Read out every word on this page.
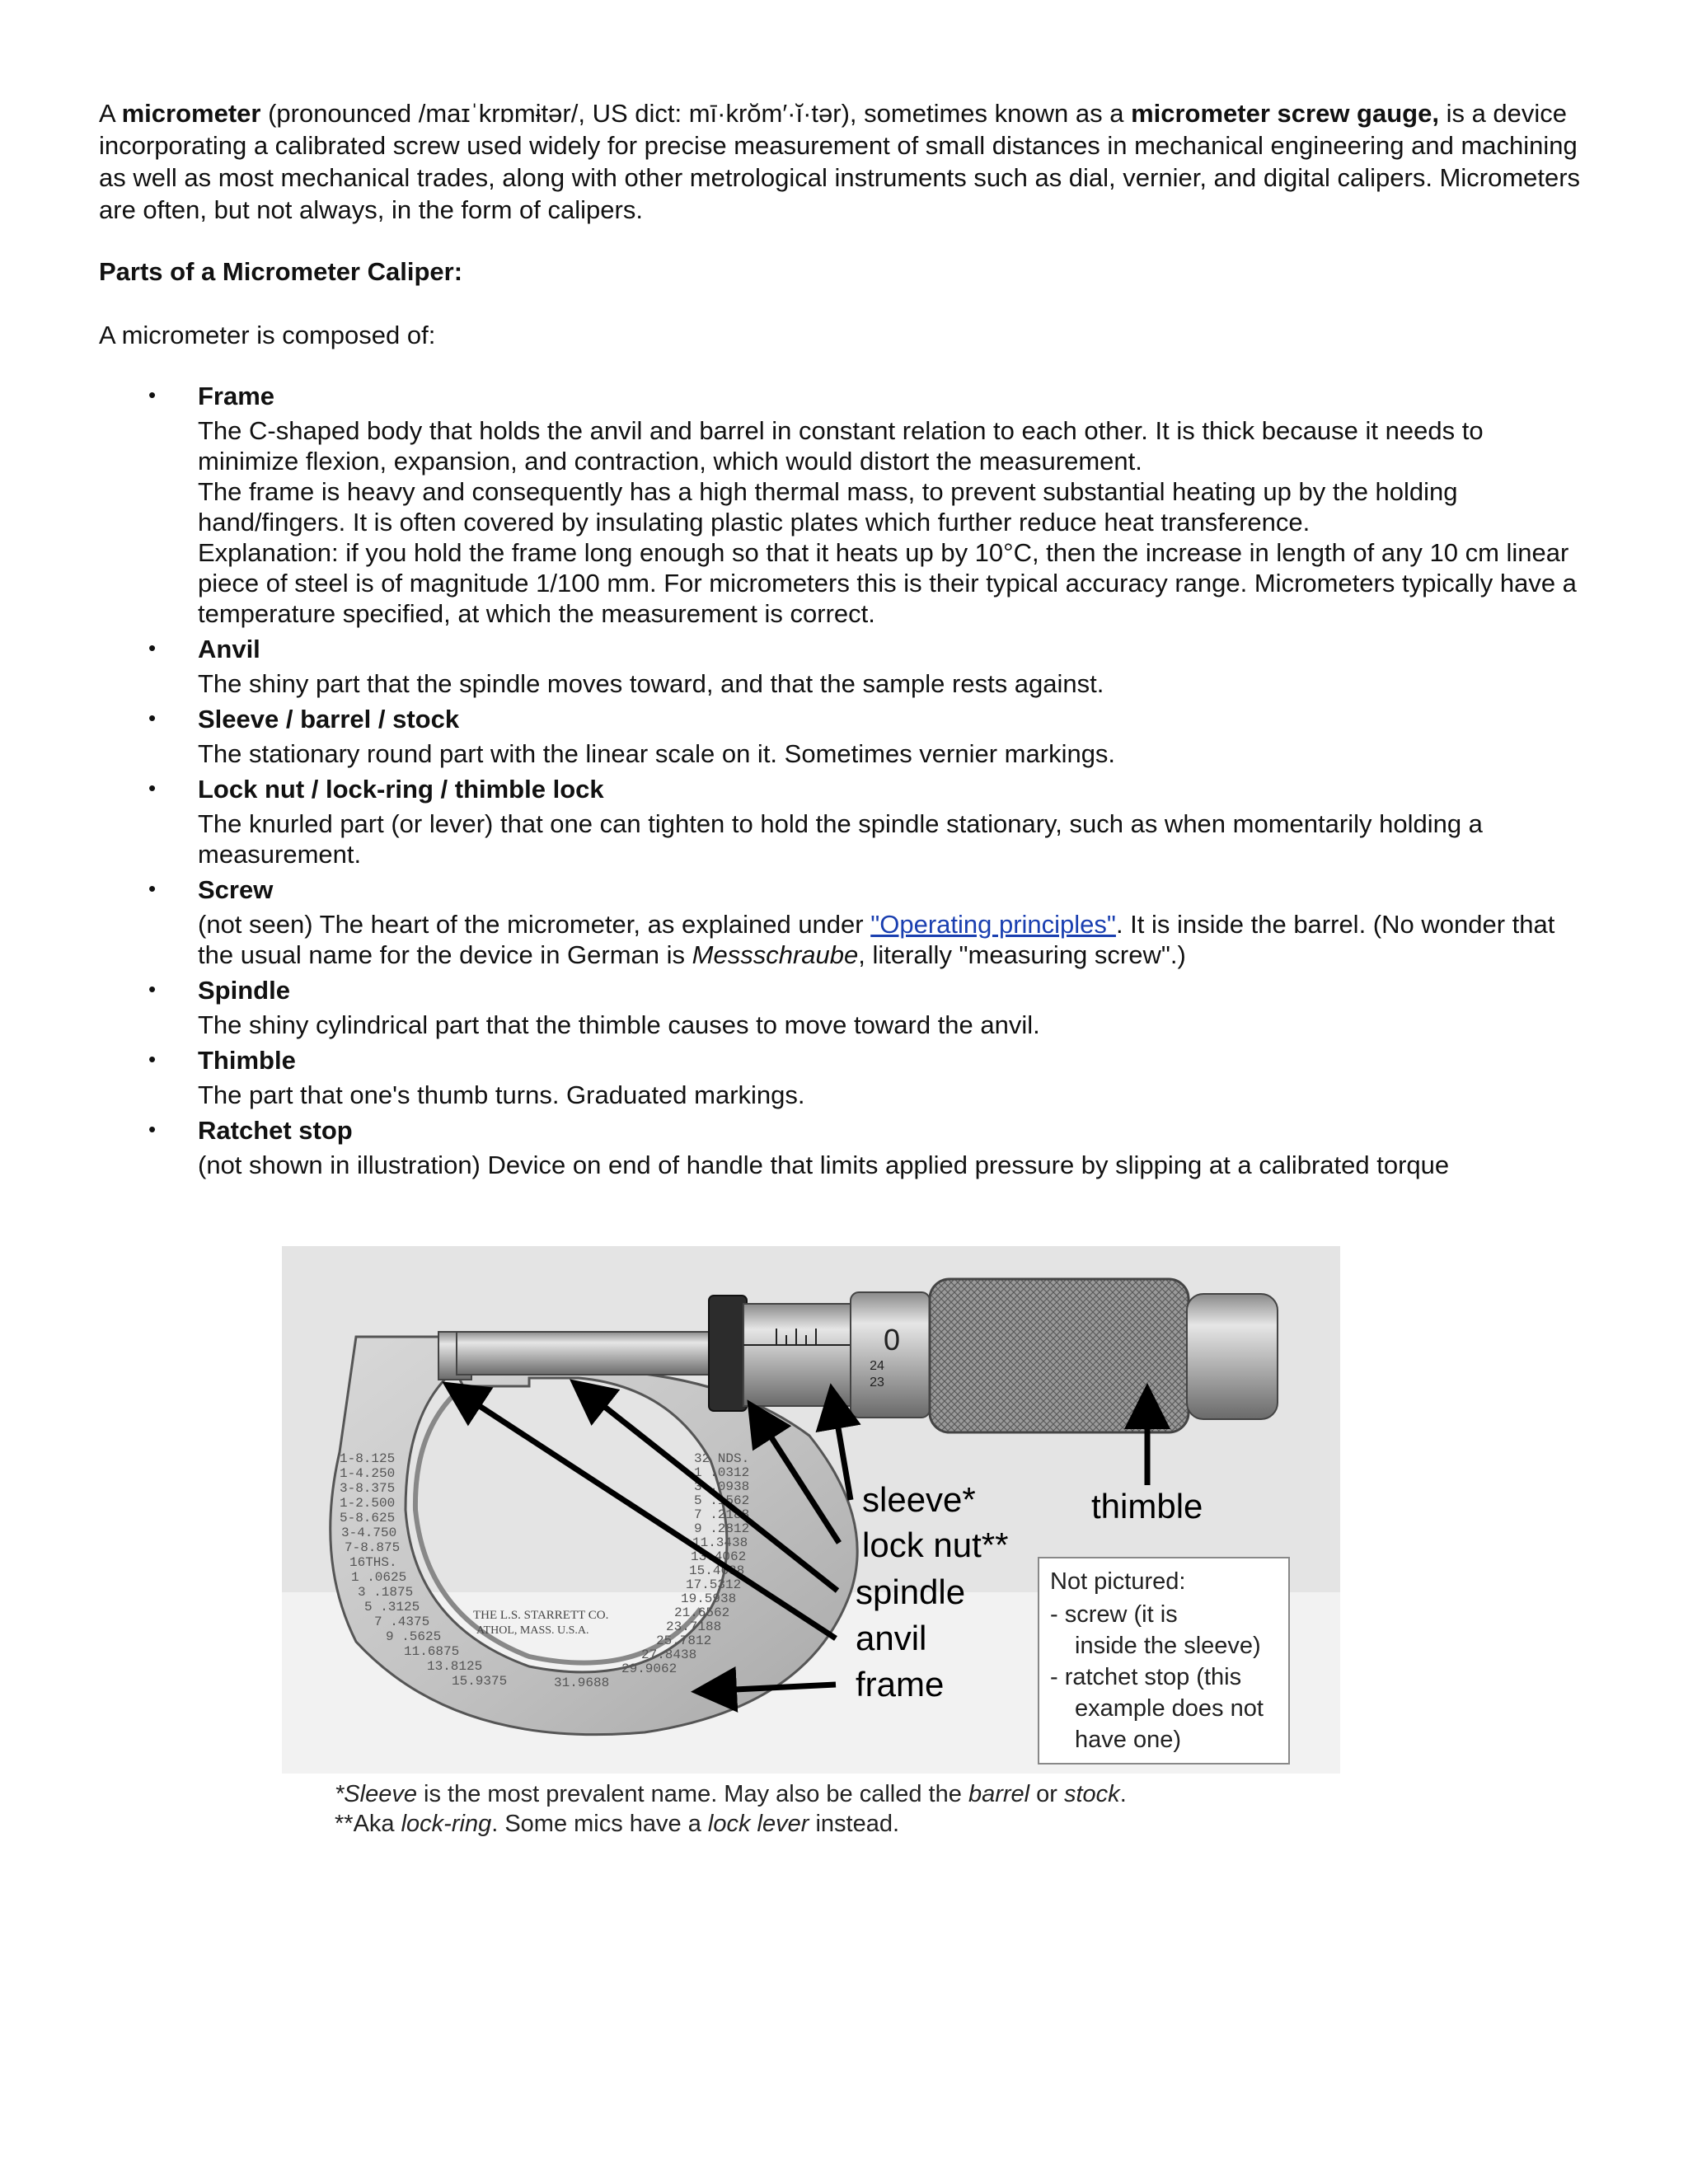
A micrometer (pronounced /maɪˈkrɒmɨtər/, US dict: mī·krŏm′·ĭ·tər), sometimes known as a micrometer screw gauge, is a device incorporating a calibrated screw used widely for precise measurement of small distances in mechanical engineering and machining as well as most mechanical trades, along with other metrological instruments such as dial, vernier, and digital calipers. Micrometers are often, but not always, in the form of calipers.

Parts of a Micrometer Caliper:

A micrometer is composed of:

• Frame

The C-shaped body that holds the anvil and barrel in constant relation to each other. It is thick because it needs to minimize flexion, expansion, and contraction, which would distort the measurement.

The frame is heavy and consequently has a high thermal mass, to prevent substantial heating up by the holding hand/fingers. It is often covered by insulating plastic plates which further reduce heat transference.

Explanation: if you hold the frame long enough so that it heats up by 10°C, then the increase in length of any 10 cm linear piece of steel is of magnitude 1/100 mm. For micrometers this is their typical accuracy range. Micrometers typically have a temperature specified, at which the measurement is correct.

• Anvil
The shiny part that the spindle moves toward, and that the sample rests against.
• Sleeve / barrel / stock
The stationary round part with the linear scale on it. Sometimes vernier markings.
• Lock nut / lock-ring / thimble lock
The knurled part (or lever) that one can tighten to hold the spindle stationary, such as when momentarily holding a measurement.
• Screw
(not seen) The heart of the micrometer, as explained under "Operating principles". It is inside the barrel. (No wonder that the usual name for the device in German is Messschraube, literally "measuring screw".)
• Spindle
The shiny cylindrical part that the thimble causes to move toward the anvil.
• Thimble
The part that one's thumb turns. Graduated markings.
• Ratchet stop
(not shown in illustration) Device on end of handle that limits applied pressure by slipping at a calibrated torque
0
24
23
1-8.125
1-4.250
3-8.375
1-2.500
5-8.625
3-4.750
7-8.875
16THS.
1 .0625
3 .1875
5 .3125
7 .4375
9 .5625
11.6875
13.8125
15.9375
32 NDS.
1 .0312
3 .0938
5 .1562
7 .2188
9 .2812
11.3438
13.4062
15.4688
17.5312
19.5938
21.6562
23.7188
25.7812
27.8438
29.9062
31.9688
THE L.S. STARRETT CO.
ATHOL, MASS. U.S.A.
sleeve*
lock nut**
spindle
anvil
frame
thimble
Not pictured:
- screw (it is
inside the sleeve)
- ratchet stop (this
example does not
have one)
*Sleeve is the most prevalent name. May also be called the barrel or stock.
**Aka lock-ring. Some mics have a lock lever instead.
